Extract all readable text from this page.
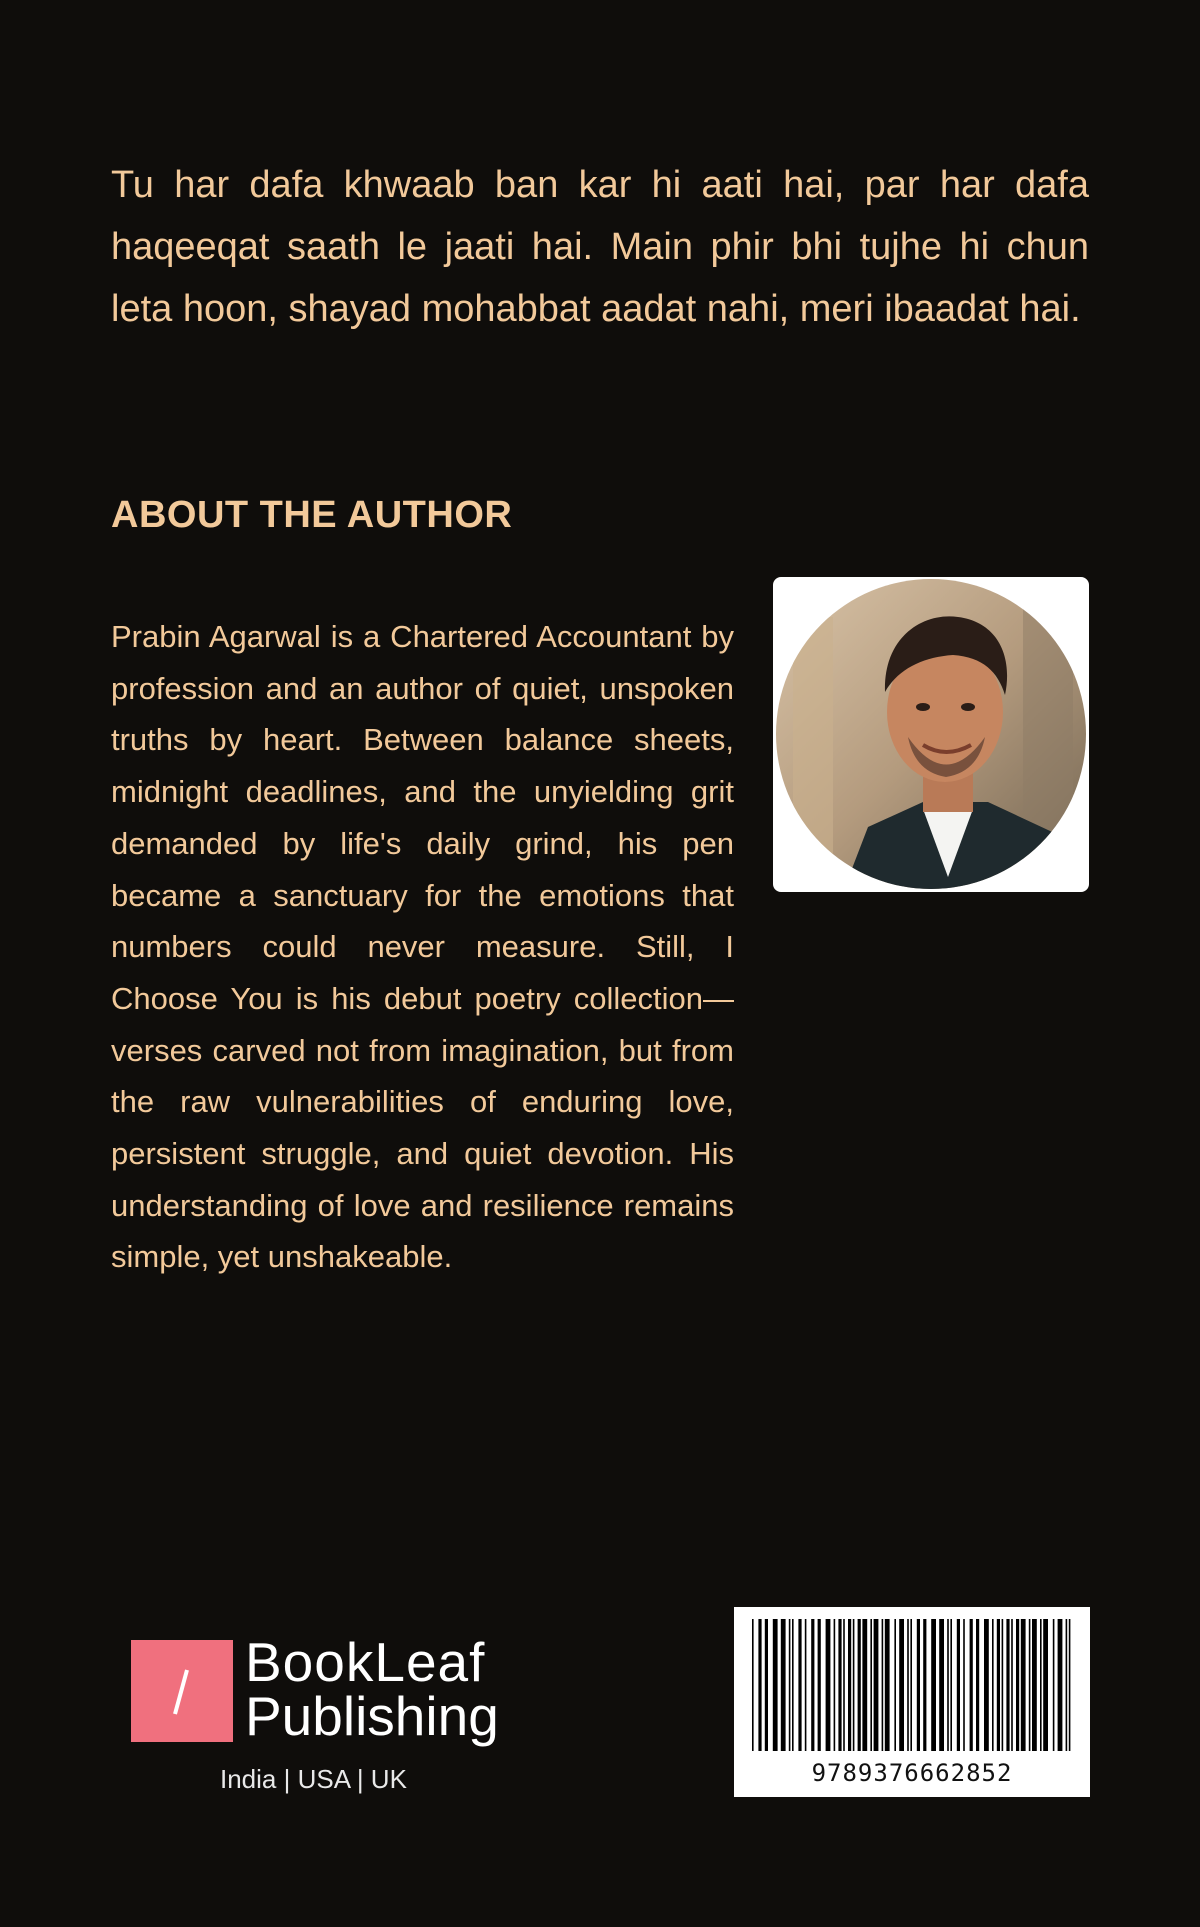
Tu har dafa khwaab ban kar hi aati hai, par har dafa haqeeqat saath le jaati hai. Main phir bhi tujhe hi chun leta hoon, shayad mohabbat aadat nahi, meri ibaadat hai.

ABOUT THE AUTHOR

Prabin Agarwal is a Chartered Accountant by profession and an author of quiet, unspoken truths by heart. Between balance sheets, midnight deadlines, and the unyielding grit demanded by life's daily grind, his pen became a sanctuary for the emotions that numbers could never measure. Still, I Choose You is his debut poetry collection—verses carved not from imagination, but from the raw vulnerabilities of enduring love, persistent struggle, and quiet devotion. His understanding of love and resilience remains simple, yet unshakeable.

BookLeaf
Publishing
India | USA | UK	9789376662852
